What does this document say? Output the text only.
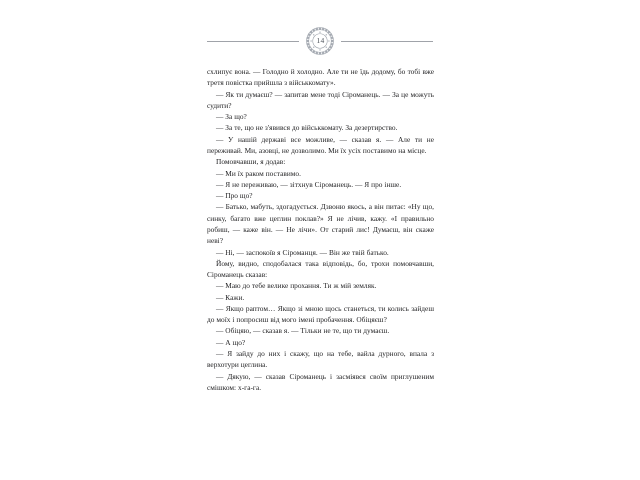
14

схлипує вона. — Голодно й холодно. Але ти не їдь додому, бо тобі вже третя повістка прийшла з військкомату».

— Як ти думаєш? — запитав мене тоді Сіроманець. — За це можуть судити?

— За що?

— За те, що не з'явився до військкомату. За дезертирство.

— У нашій державі все можливе, — сказав я. — Але ти не переживай. Ми, азовці, не дозволимо. Ми їх усіх поставимо на місце.

Помовчавши, я додав:

— Ми їх раком поставимо.

— Я не переживаю, — зітхнув Сіроманець. — Я про інше.

— Про що?

— Батько, мабуть, здогадується. Дзвоню якось, а він питає: «Ну що, синку, багато вже цеглин поклав?» Я не лічив, кажу. «І правильно робиш, — каже він. — Не лічи». От старий лис! Думаєш, він скаже неві?

— Ні, — заспокоїв я Сіроманця. — Він же твій батько.

Йому, видно, сподобалася така відповідь, бо, трохи помовчавши, Сіроманець сказав:

— Маю до тебе велике прохання. Ти ж мій земляк.

— Кажи.

— Якщо раптом… Якщо зі мною щось станеться, ти колись зайдеш до моїх і попросиш від мого імені пробачення. Обіцяєш?

— Обіцяю, — сказав я. — Тільки не те, що ти думаєш.

— А що?

— Я зайду до них і скажу, що на тебе, вайла дурного, впала з верхотури цеглина.

— Дякую, — сказав Сіроманець і засміявся своїм приглушеним смішком: х-га-га.
